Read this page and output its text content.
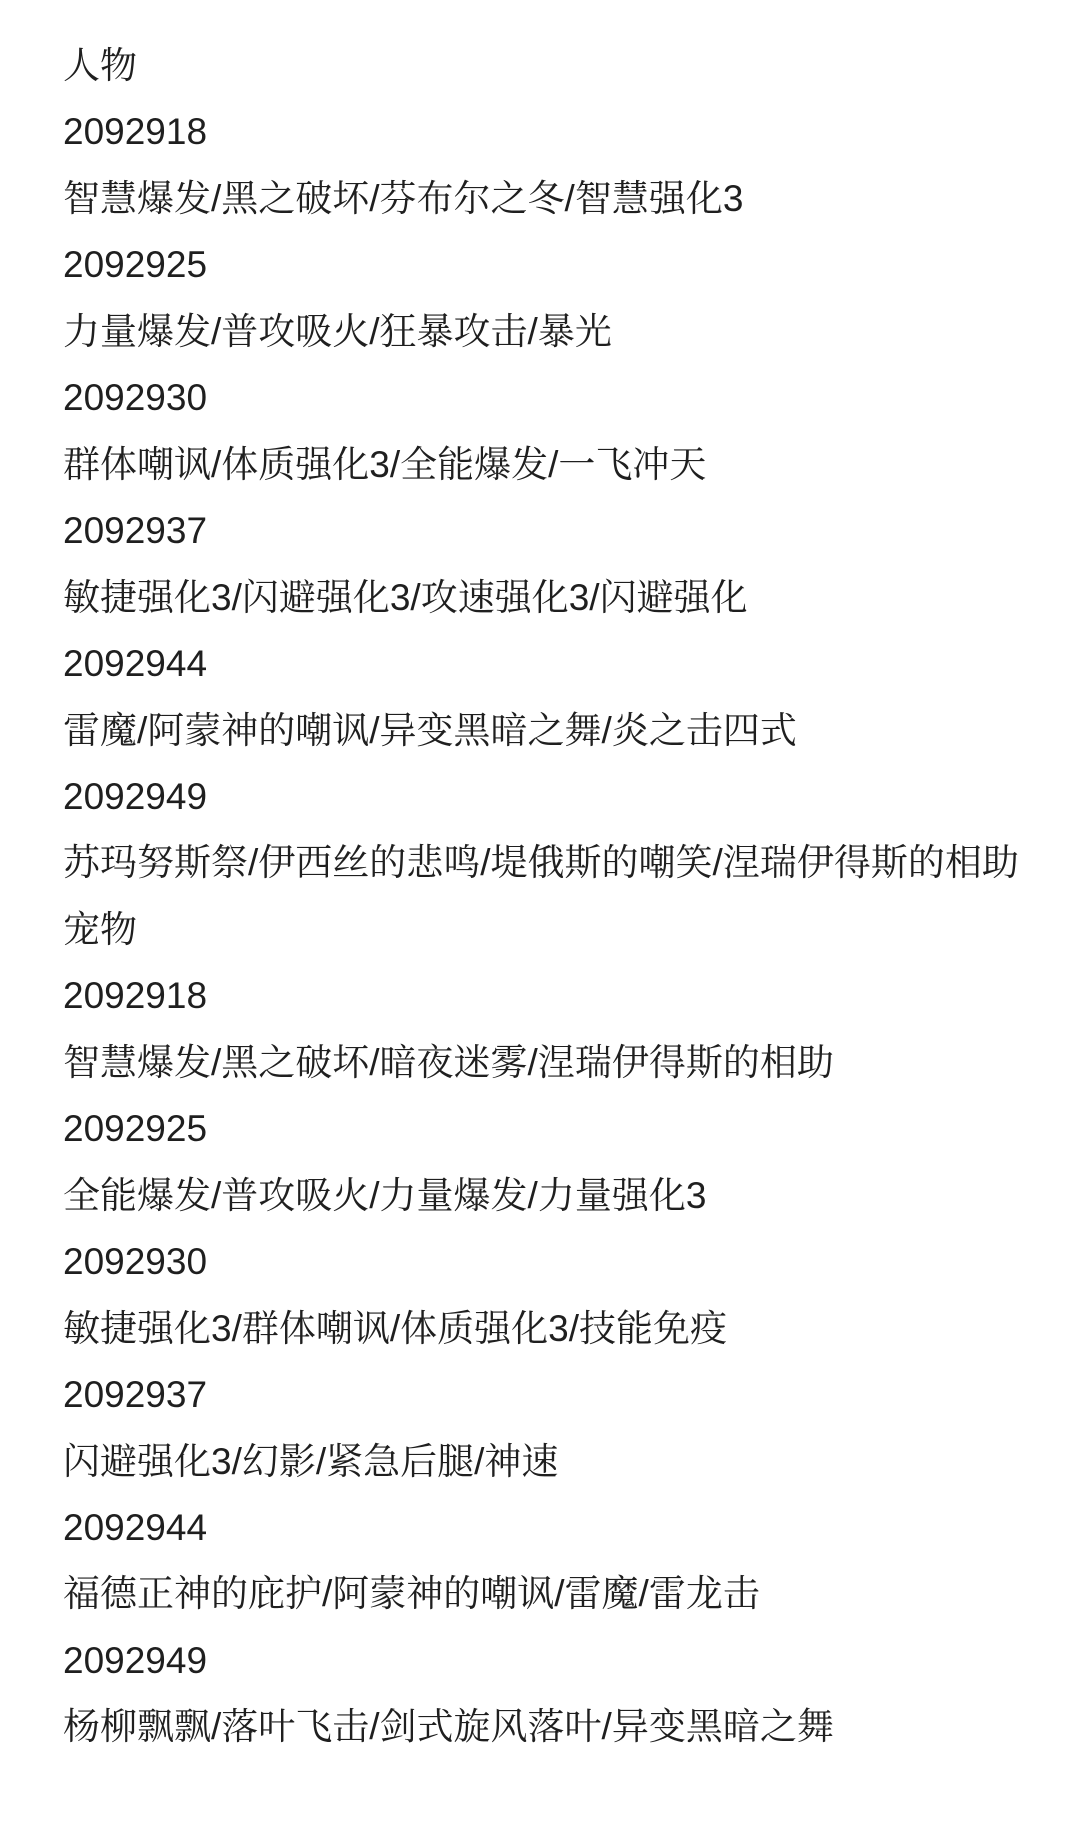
人物

2092918

智慧爆发/黑之破坏/芬布尔之冬/智慧强化3

2092925

力量爆发/普攻吸火/狂暴攻击/暴光

2092930

群体嘲讽/体质强化3/全能爆发/一飞冲天

2092937

敏捷强化3/闪避强化3/攻速强化3/闪避强化

2092944

雷魔/阿蒙神的嘲讽/异变黑暗之舞/炎之击四式

2092949

苏玛努斯祭/伊西丝的悲鸣/堤俄斯的嘲笑/涅瑞伊得斯的相助

宠物

2092918

智慧爆发/黑之破坏/暗夜迷雾/涅瑞伊得斯的相助

2092925

全能爆发/普攻吸火/力量爆发/力量强化3

2092930

敏捷强化3/群体嘲讽/体质强化3/技能免疫

2092937

闪避强化3/幻影/紧急后腿/神速

2092944

福德正神的庇护/阿蒙神的嘲讽/雷魔/雷龙击

2092949

杨柳飘飘/落叶飞击/剑式旋风落叶/异变黑暗之舞
